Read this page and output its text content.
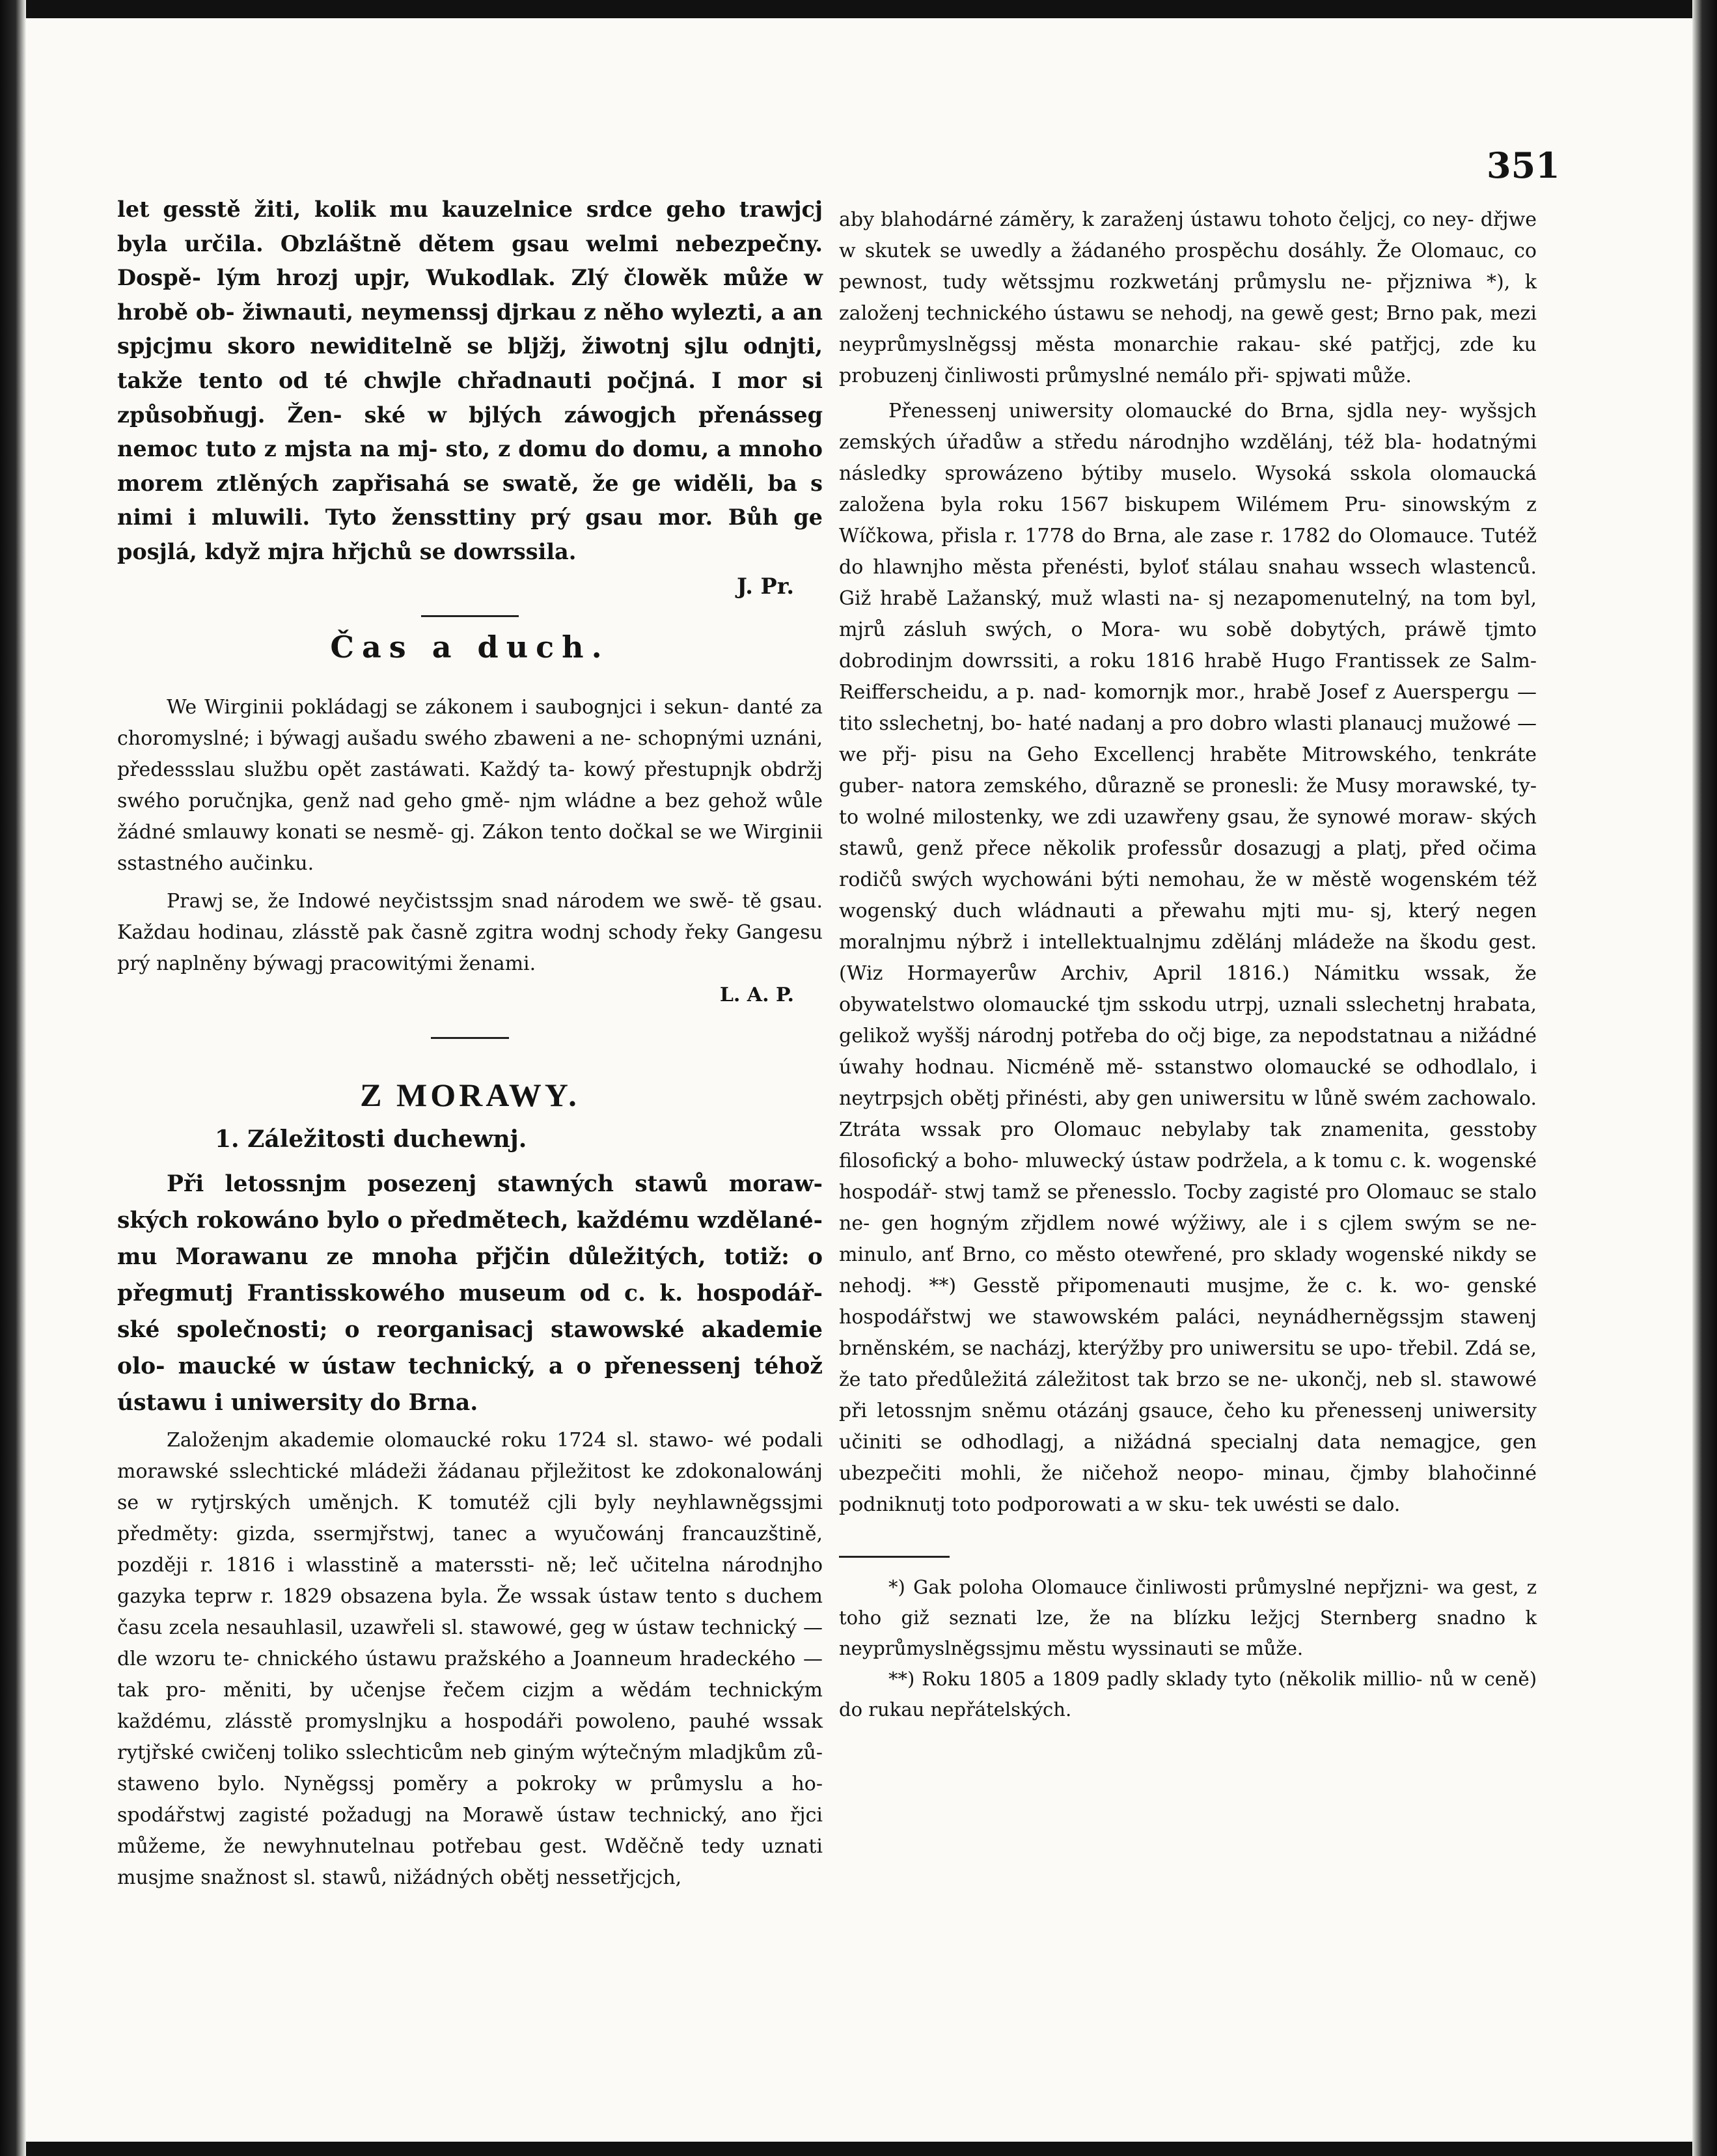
351

let gesstě žiti, kolik mu kauzelnice srdce geho trawjcj byla určila. Obzláštně dětem gsau welmi nebezpečny. Dospě- lým hrozj upjr, Wukodlak. Zlý člowěk může w hrobě ob- žiwnauti, neymenssj djrkau z něho wylezti, a an spjcjmu skoro newiditelně se bljžj, žiwotnj sjlu odnjti, takže tento od té chwjle chřadnauti počjná. I mor si způsobňugj. Žen- ské w bjlých záwogjch přenásseg nemoc tuto z mjsta na mj- sto, z domu do domu, a mnoho morem ztlěných zapřisahá se swatě, že ge widěli, ba s nimi i mluwili. Tyto ženssttiny prý gsau mor. Bůh ge posjlá, když mjra hřjchů se dowrssila.

J. Pr.
Čas a duch.

We Wirginii pokládagj se zákonem i saubognjci i sekun- danté za choromyslné; i býwagj aušadu swého zbaweni a ne- schopnými uznáni, předessslau službu opět zastáwati. Každý ta- kowý přestupnjk obdržj swého poručnjka, genž nad geho gmě- njm wládne a bez gehož wůle žádné smlauwy konati se nesmě- gj. Zákon tento dočkal se we Wirginii sstastného aučinku.

Prawj se, že Indowé neyčistssjm snad národem we swě- tě gsau. Každau hodinau, zlásstě pak časně zgitra wodnj schody řeky Gangesu prý naplněny býwagj pracowitými ženami.

L. A. P.
Z MORAWY.
1. Záležitosti duchewnj.

Při letossnjm posezenj stawných stawů moraw- ských rokowáno bylo o předmětech, každému wzdělané- mu Morawanu ze mnoha přjčin důležitých, totiž: o přegmutj Frantisskowého museum od c. k. hospodář- ské společnosti; o reorganisacj stawowské akademie olo- maucké w ústaw technický, a o přenessenj téhož ústawu i uniwersity do Brna.

Založenjm akademie olomaucké roku 1724 sl. stawo- wé podali morawské sslechtické mládeži žádanau přjležitost ke zdokonalowánj se w rytjrských uměnjch. K tomutéž cjli byly neyhlawněgssjmi předměty: gizda, ssermjřstwj, tanec a wyučowánj francauzštině, později r. 1816 i wlasstině a materssti- ně; leč učitelna národnjho gazyka teprw r. 1829 obsazena byla. Že wssak ústaw tento s duchem času zcela nesauhlasil, uzawřeli sl. stawowé, geg w ústaw technický — dle wzoru te- chnického ústawu pražského a Joanneum hradeckého — tak pro- měniti, by učenjse řečem cizjm a wědám technickým každému, zlásstě promyslnjku a hospodáři powoleno, pauhé wssak rytjřské cwičenj toliko sslechticům neb giným wýtečným mladjkům zů- staweno bylo. Nyněgssj poměry a pokroky w průmyslu a ho- spodářstwj zagisté požadugj na Morawě ústaw technický, ano řjci můžeme, že newyhnutelnau potřebau gest. Wděčně tedy uznati musjme snažnost sl. stawů, nižádných obětj nessetřjcjch,

aby blahodárné záměry, k zaraženj ústawu tohoto čeljcj, co ney- dřjwe w skutek se uwedly a žádaného prospěchu dosáhly. Že Olomauc, co pewnost, tudy wětssjmu rozkwetánj průmyslu ne- přjzniwa *), k založenj technického ústawu se nehodj, na gewě gest; Brno pak, mezi neyprůmyslněgssj města monarchie rakau- ské patřjcj, zde ku probuzenj činliwosti průmyslné nemálo při- spjwati může.

Přenessenj uniwersity olomaucké do Brna, sjdla ney- wyšsjch zemských úřadůw a středu národnjho wzdělánj, též bla- hodatnými následky sprowázeno býtiby muselo. Wysoká sskola olomaucká založena byla roku 1567 biskupem Wilémem Pru- sinowským z Wíčkowa, přisla r. 1778 do Brna, ale zase r. 1782 do Olomauce. Tutéž do hlawnjho města přenésti, byloť stálau snahau wssech wlastenců. Giž hrabě Lažanský, muž wlasti na- sj nezapomenutelný, na tom byl, mjrů zásluh swých, o Mora- wu sobě dobytých, práwě tjmto dobrodinjm dowrssiti, a roku 1816 hrabě Hugo Frantissek ze Salm-Reifferscheidu, a p. nad- komornjk mor., hrabě Josef z Auerspergu — tito sslechetnj, bo- haté nadanj a pro dobro wlasti planaucj mužowé — we přj- pisu na Geho Excellencj hraběte Mitrowského, tenkráte guber- natora zemského, důrazně se pronesli: že Musy morawské, ty- to wolné milostenky, we zdi uzawřeny gsau, že synowé moraw- ských stawů, genž přece několik professůr dosazugj a platj, před očima rodičů swých wychowáni býti nemohau, že w městě wogenském též wogenský duch wládnauti a přewahu mjti mu- sj, který negen moralnjmu nýbrž i intellektualnjmu zdělánj mládeže na škodu gest. (Wiz Hormayerůw Archiv, April 1816.) Námitku wssak, že obywatelstwo olomaucké tjm sskodu utrpj, uznali sslechetnj hrabata, gelikož wyššj národnj potřeba do očj bige, za nepodstatnau a nižádné úwahy hodnau. Nicméně mě- sstanstwo olomaucké se odhodlalo, i neytrpsjch obětj přinésti, aby gen uniwersitu w lůně swém zachowalo. Ztráta wssak pro Olomauc nebylaby tak znamenita, gesstoby filosofický a boho- mluwecký ústaw podržela, a k tomu c. k. wogenské hospodář- stwj tamž se přenesslo. Tocby zagisté pro Olomauc se stalo ne- gen hogným zřjdlem nowé wýžiwy, ale i s cjlem swým se ne- minulo, anť Brno, co město otewřené, pro sklady wogenské nikdy se nehodj. **) Gesstě připomenauti musjme, že c. k. wo- genské hospodářstwj we stawowském paláci, neynádherněgssjm stawenj brněnském, se nacházj, kterýžby pro uniwersitu se upo- třebil. Zdá se, že tato předůležitá záležitost tak brzo se ne- ukončj, neb sl. stawowé při letossnjm sněmu otázánj gsauce, čeho ku přenessenj uniwersity učiniti se odhodlagj, a nižádná specialnj data nemagjce, gen ubezpečiti mohli, že ničehož neopo- minau, čjmby blahočinné podniknutj toto podporowati a w sku- tek uwésti se dalo.

*) Gak poloha Olomauce činliwosti průmyslné nepřjzni- wa gest, z toho giž seznati lze, že na blízku ležjcj Sternberg snadno k neyprůmyslněgssjmu městu wyssinauti se může.

**) Roku 1805 a 1809 padly sklady tyto (několik millio- nů w ceně) do rukau nepřátelských.
